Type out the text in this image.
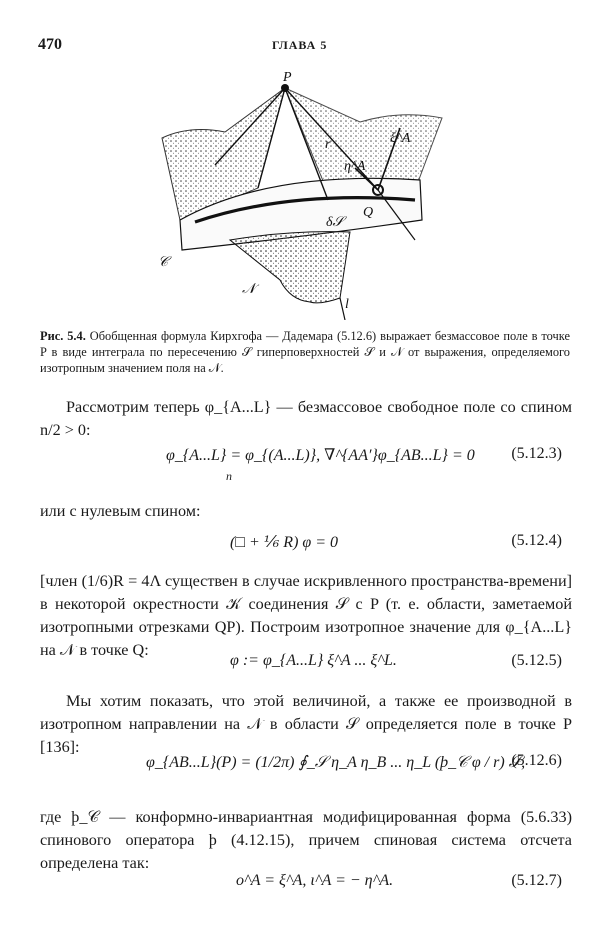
470	ГЛАВА 5
P
r	ξ^A
η^A
δ𝒮
Q
𝒞
𝒩
l
Рис. 5.4. Обобщенная формула Кирхгофа — Дадемара (5.12.6) выражает безмассовое поле в точке P в виде интеграла по пересечению 𝒮 гиперповерхностей 𝒮 и 𝒩 от выражения, определяемого изотропным значением поля на 𝒩.
Рассмотрим теперь φ_{A...L} — безмассовое свободное поле со спином n/2 > 0:
φ_{A...L} = φ_{(A...L)}, ∇^{AA′}φ_{AB...L} = 0
n
(5.12.3)
или с нулевым спином:
(□ + ⅙ R) φ = 0	(5.12.4)
[член (1/6)R = 4Λ существен в случае искривленного пространства-времени] в некоторой окрестности 𝒦 соединения 𝒮 с P (т. е. области, заметаемой изотропными отрезками QP). Построим изотропное значение для φ_{A...L} на 𝒩 в точке Q:
φ := φ_{A...L} ξ^A ... ξ^L.	(5.12.5)
Мы хотим показать, что этой величиной, а также ее производной в изотропном направлении на 𝒩 в области 𝒮 определяется поле в точке P [136]:
φ_{AB...L}(P) = (1/2π) ∮_𝒮 η_A η_B ... η_L (þ_𝒞 φ / r) 𝒮,
(5.12.6)
где þ_𝒞 — конформно-инвариантная модифицированная форма (5.6.33) спинового оператора þ (4.12.15), причем спиновая система отсчета определена так:
o^A = ξ^A, ι^A = − η^A.	(5.12.7)
